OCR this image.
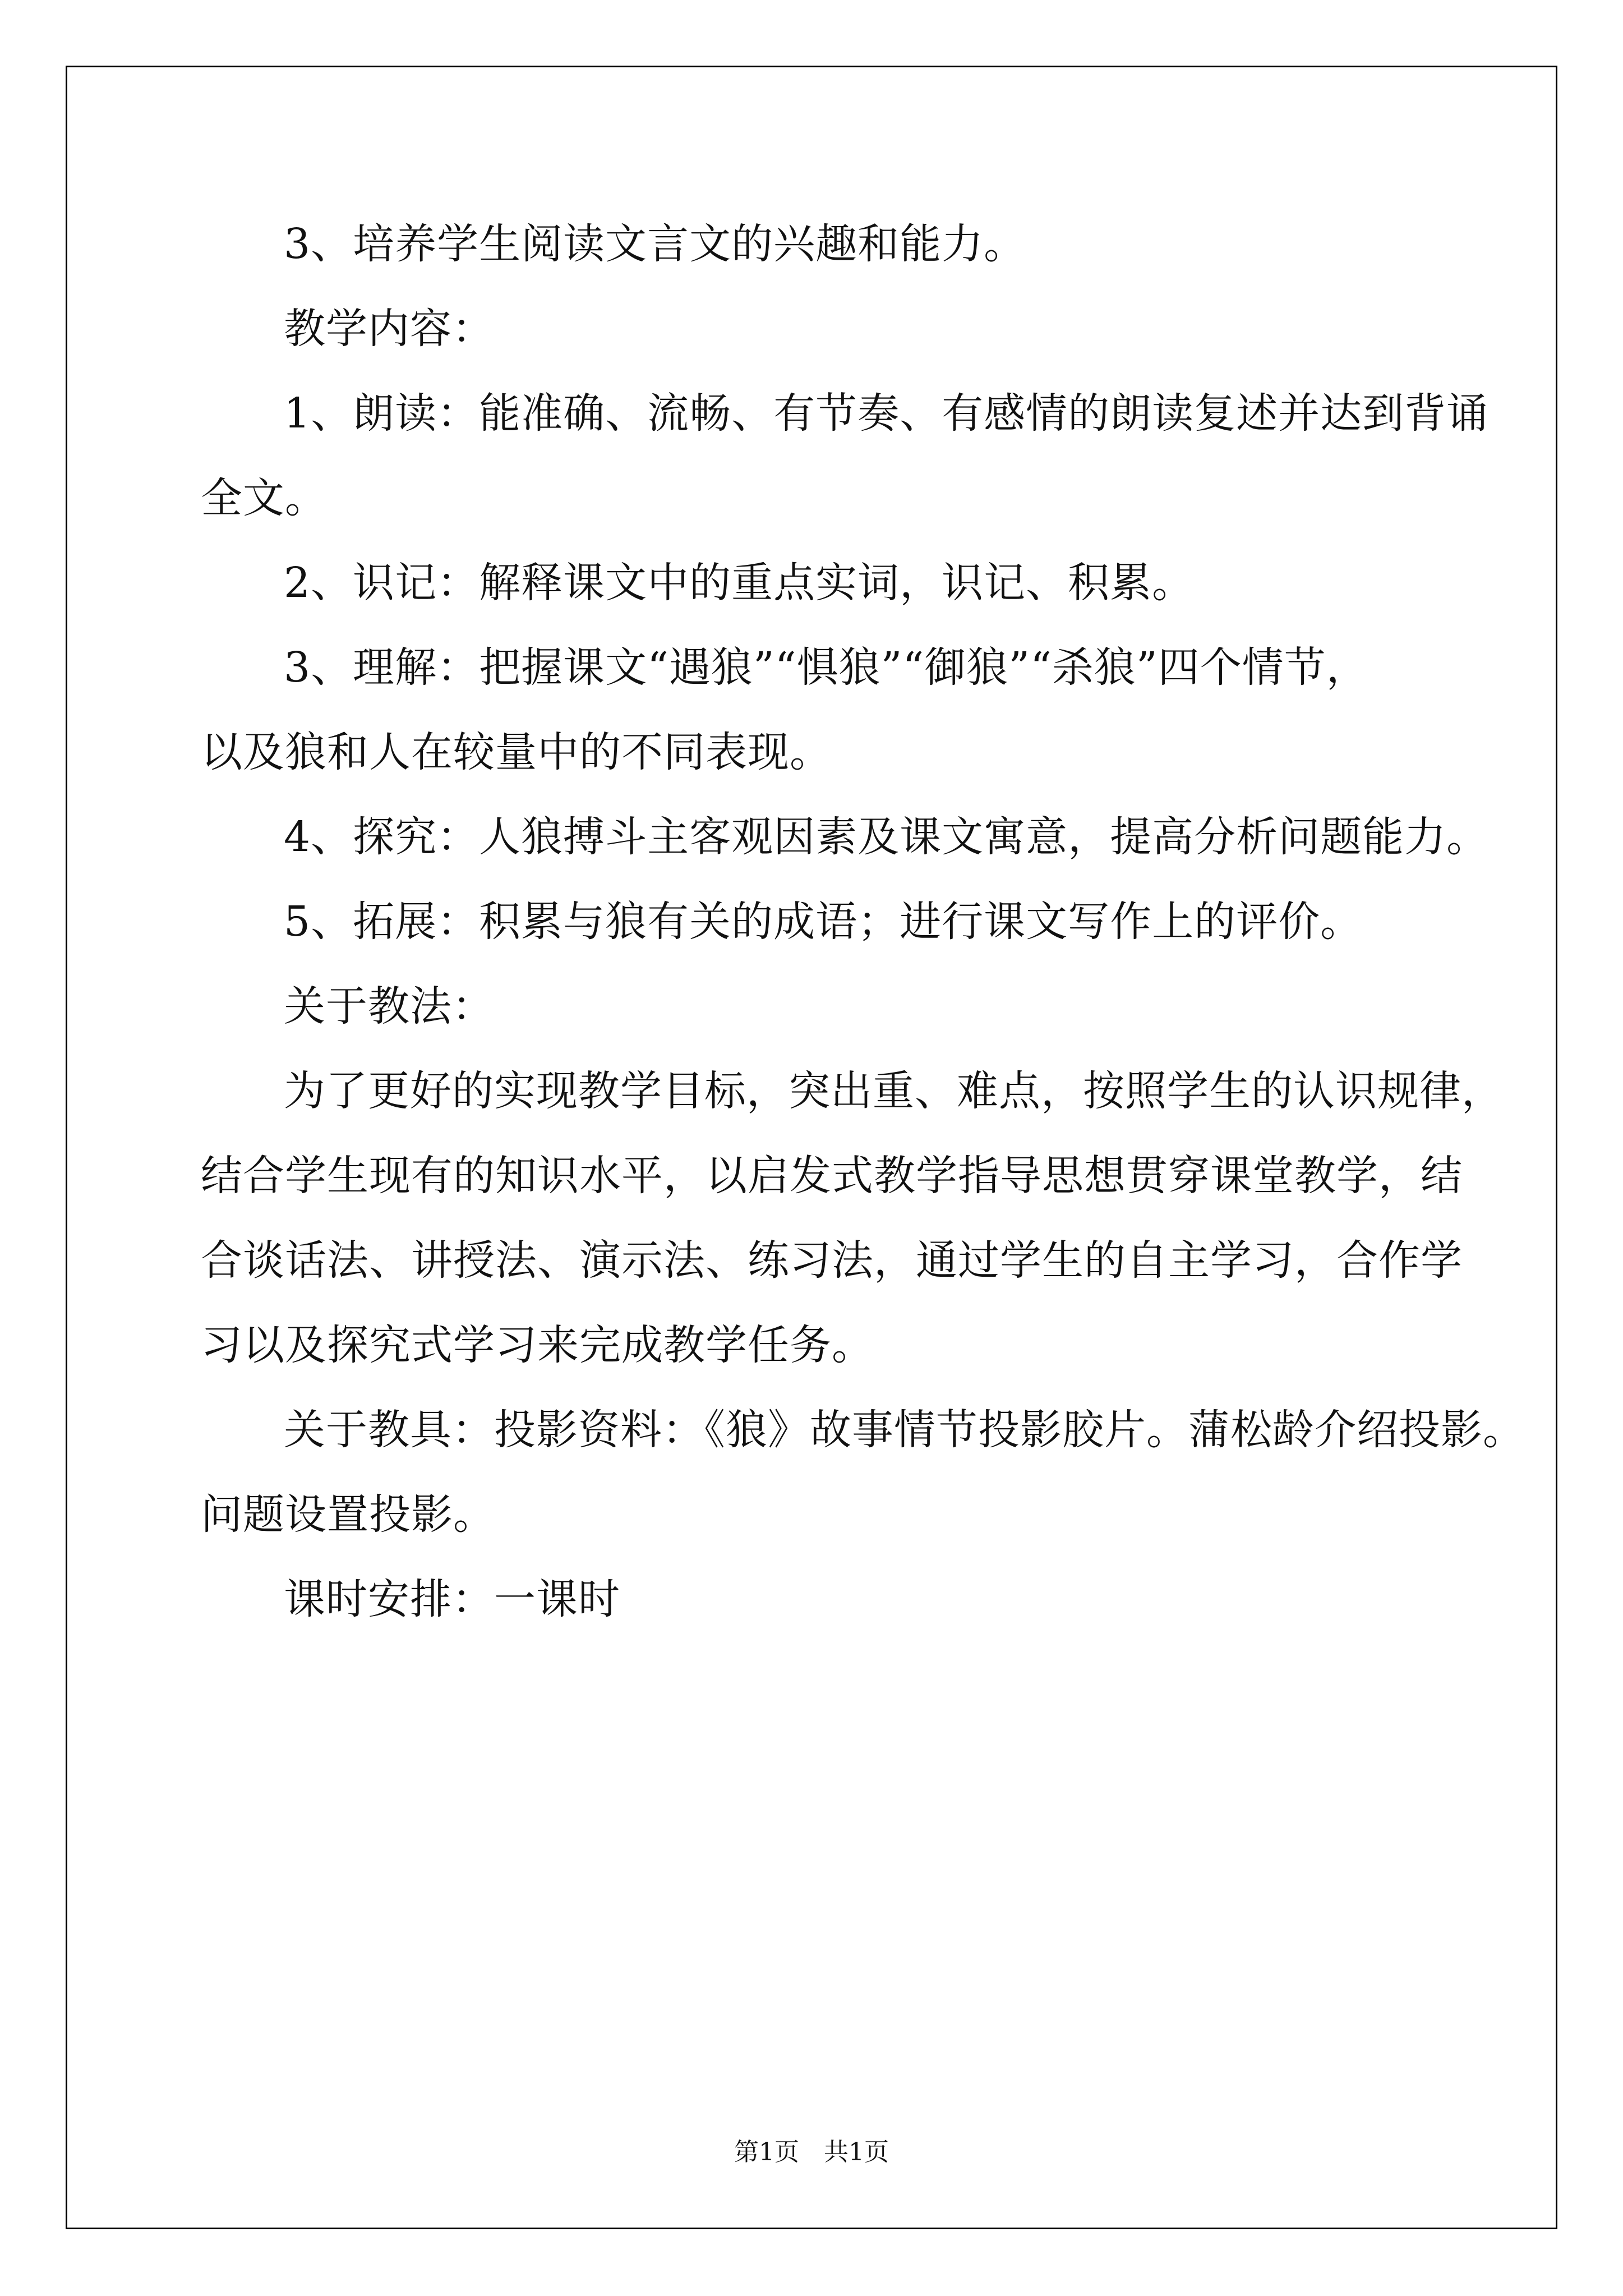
3、培养学生阅读文言文的兴趣和能力。

教学内容：

1、朗读：能准确、流畅、有节奏、有感情的朗读复述并达到背诵

全文。

2、识记：解释课文中的重点实词，识记、积累。

3、理解：把握课文“遇狼”“惧狼”“御狼”“杀狼”四个情节，

以及狼和人在较量中的不同表现。

4、探究：人狼搏斗主客观因素及课文寓意，提高分析问题能力。

5、拓展：积累与狼有关的成语；进行课文写作上的评价。

关于教法：

为了更好的实现教学目标，突出重、难点，按照学生的认识规律，

结合学生现有的知识水平，以启发式教学指导思想贯穿课堂教学，结

合谈话法、讲授法、演示法、练习法，通过学生的自主学习，合作学

习以及探究式学习来完成教学任务。

关于教具：投影资料：《狼》故事情节投影胶片。蒲松龄介绍投影。

问题设置投影。

课时安排：一课时

第1页　共1页
